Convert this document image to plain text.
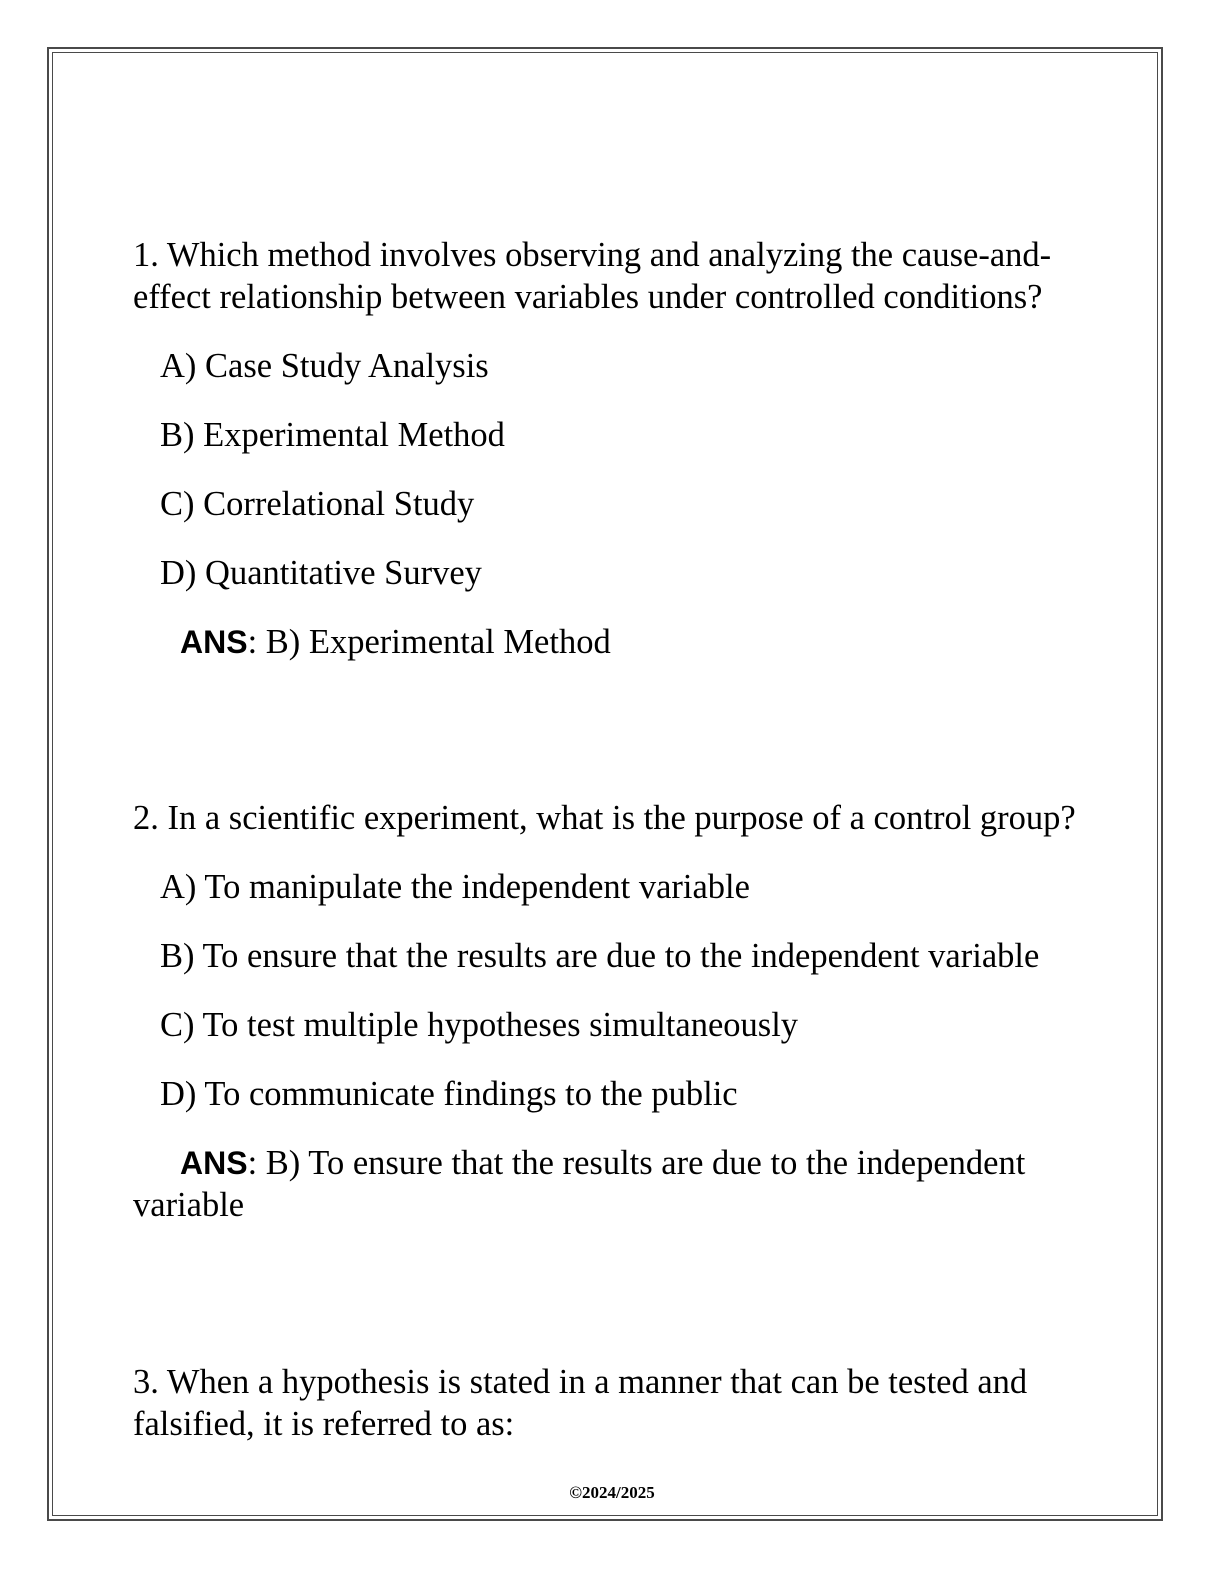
1. Which method involves observing and analyzing the cause-and-effect relationship between variables under controlled conditions?

A) Case Study Analysis
B) Experimental Method
C) Correlational Study
D) Quantitative Survey

ANS: B) Experimental Method

2. In a scientific experiment, what is the purpose of a control group?

A) To manipulate the independent variable
B) To ensure that the results are due to the independent variable
C) To test multiple hypotheses simultaneously
D) To communicate findings to the public

ANS: B) To ensure that the results are due to the independent variable

3. When a hypothesis is stated in a manner that can be tested and falsified, it is referred to as:

©2024/2025
